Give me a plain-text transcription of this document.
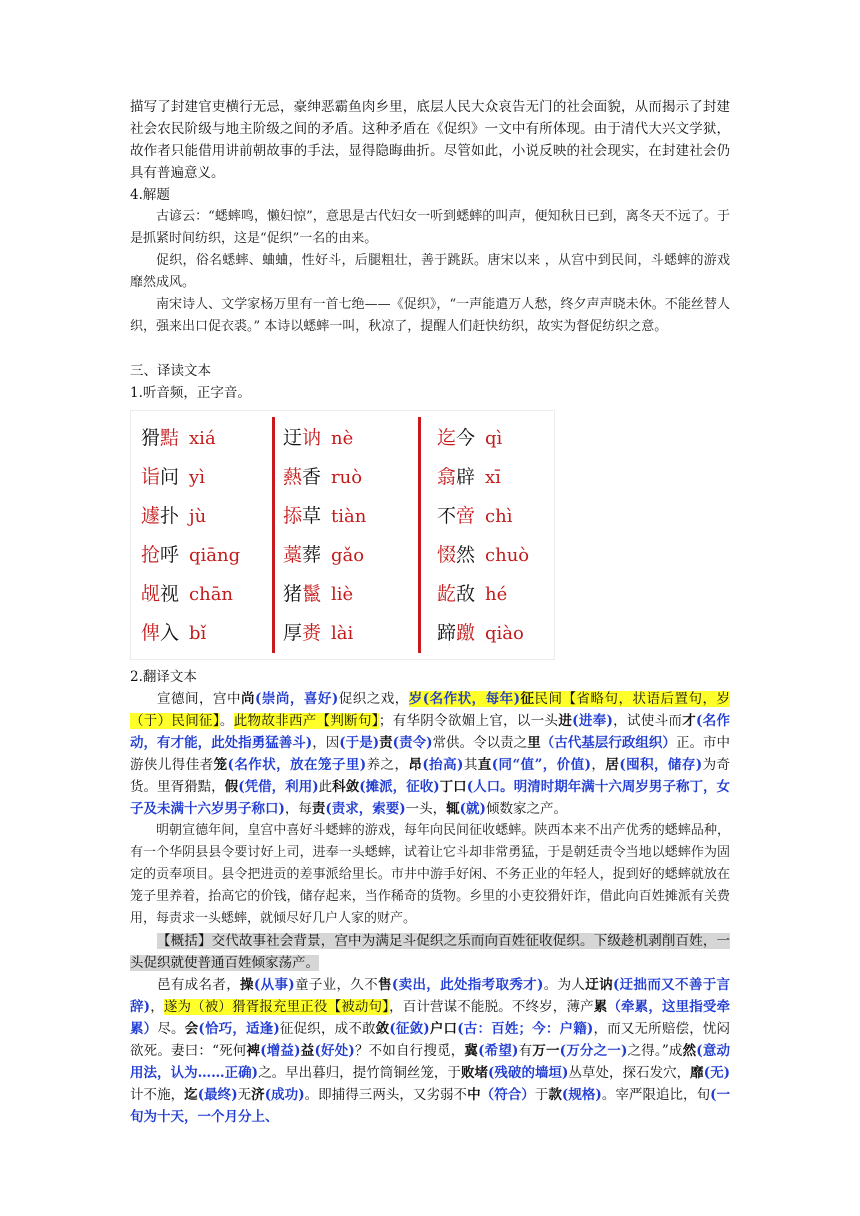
描写了封建官吏横行无忌，豪绅恶霸鱼肉乡里，底层人民大众哀告无门的社会面貌，从而揭示了封建社会农民阶级与地主阶级之间的矛盾。这种矛盾在《促织》一文中有所体现。由于清代大兴文学狱，故作者只能借用讲前朝故事的手法，显得隐晦曲折。尽管如此，小说反映的社会现实，在封建社会仍具有普遍意义。

4.解题

古谚云：“蟋蟀鸣，懒妇惊”，意思是古代妇女一听到蟋蟀的叫声，便知秋日已到，离冬天不远了。于是抓紧时间纺织，这是“促织”一名的由来。

促织，俗名蟋蟀、蛐蛐，性好斗，后腿粗壮，善于跳跃。唐宋以来 ，从宫中到民间，斗蟋蟀的游戏靡然成风。

南宋诗人、文学家杨万里有一首七绝——《促织》，“一声能遣万人愁，终夕声声晓未休。不能丝替人织，强来出口促衣裘。” 本诗以蟋蟀一叫，秋凉了，提醒人们赶快纺织，故实为督促纺织之意。

三、译读文本

1.听音频，正字音。

猾黠 xiá
诣问 yì
遽扑 jù
抢呼 qiāng
觇视 chān
俾入 bǐ
迂讷 nè
爇香 ruò
掭草 tiàn
藁葬 gǎo
猪鬣 liè
厚赉 lài
迄今 qì
翕辟 xī
不啻 chì
惙然 chuò
龁敌 hé
蹄躈 qiào

2.翻译文本

宣德间，宫中尚(崇尚，喜好)促织之戏，岁(名作状，每年)征民间【省略句，状语后置句，岁（于）民间征】。此物故非西产【判断句】；有华阴令欲媚上官，以一头进(进奉)，试使斗而才(名作动，有才能，此处指勇猛善斗)，因(于是)责(责令)常供。令以责之里（古代基层行政组织）正。市中游侠儿得佳者笼(名作状，放在笼子里)养之，昂(抬高)其直(同“值”，价值)，居(囤积，储存)为奇货。里胥猾黠，假(凭借，利用)此科敛(摊派，征收)丁口(人口。明清时期年满十六周岁男子称丁，女子及未满十六岁男子称口)，每责(责求，索要)一头，辄(就)倾数家之产。

明朝宣德年间，皇宫中喜好斗蟋蟀的游戏，每年向民间征收蟋蟀。陕西本来不出产优秀的蟋蟀品种，有一个华阴县县令要讨好上司，进奉一头蟋蟀，试着让它斗却非常勇猛，于是朝廷责令当地以蟋蟀作为固定的贡奉项目。县令把进贡的差事派给里长。市井中游手好闲、不务正业的年轻人，捉到好的蟋蟀就放在笼子里养着，抬高它的价钱，储存起来，当作稀奇的货物。乡里的小吏狡猾奸诈，借此向百姓摊派有关费用，每责求一头蟋蟀，就倾尽好几户人家的财产。

【概括】交代故事社会背景，宫中为满足斗促织之乐而向百姓征收促织。下级趁机剥削百姓，一头促织就使普通百姓倾家荡产。

邑有成名者，操(从事)童子业，久不售(卖出，此处指考取秀才)。为人迂讷(迂拙而又不善于言辞)，遂为（被）猾胥报充里正役【被动句】，百计营谋不能脱。不终岁，薄产累（牵累，这里指受牵累）尽。会(恰巧，适逢)征促织，成不敢敛(征敛)户口(古：百姓；今：户籍)，而又无所赔偿，忧闷欲死。妻曰：“死何裨(增益)益(好处)？不如自行搜觅，冀(希望)有万一(万分之一)之得。”成然(意动用法，认为……正确)之。早出暮归，提竹筒铜丝笼，于败堵(残破的墙垣)丛草处，探石发穴，靡(无)计不施，迄(最终)无济(成功)。即捕得三两头，又劣弱不中（符合）于款(规格)。宰严限追比，旬(一旬为十天，一个月分上、
